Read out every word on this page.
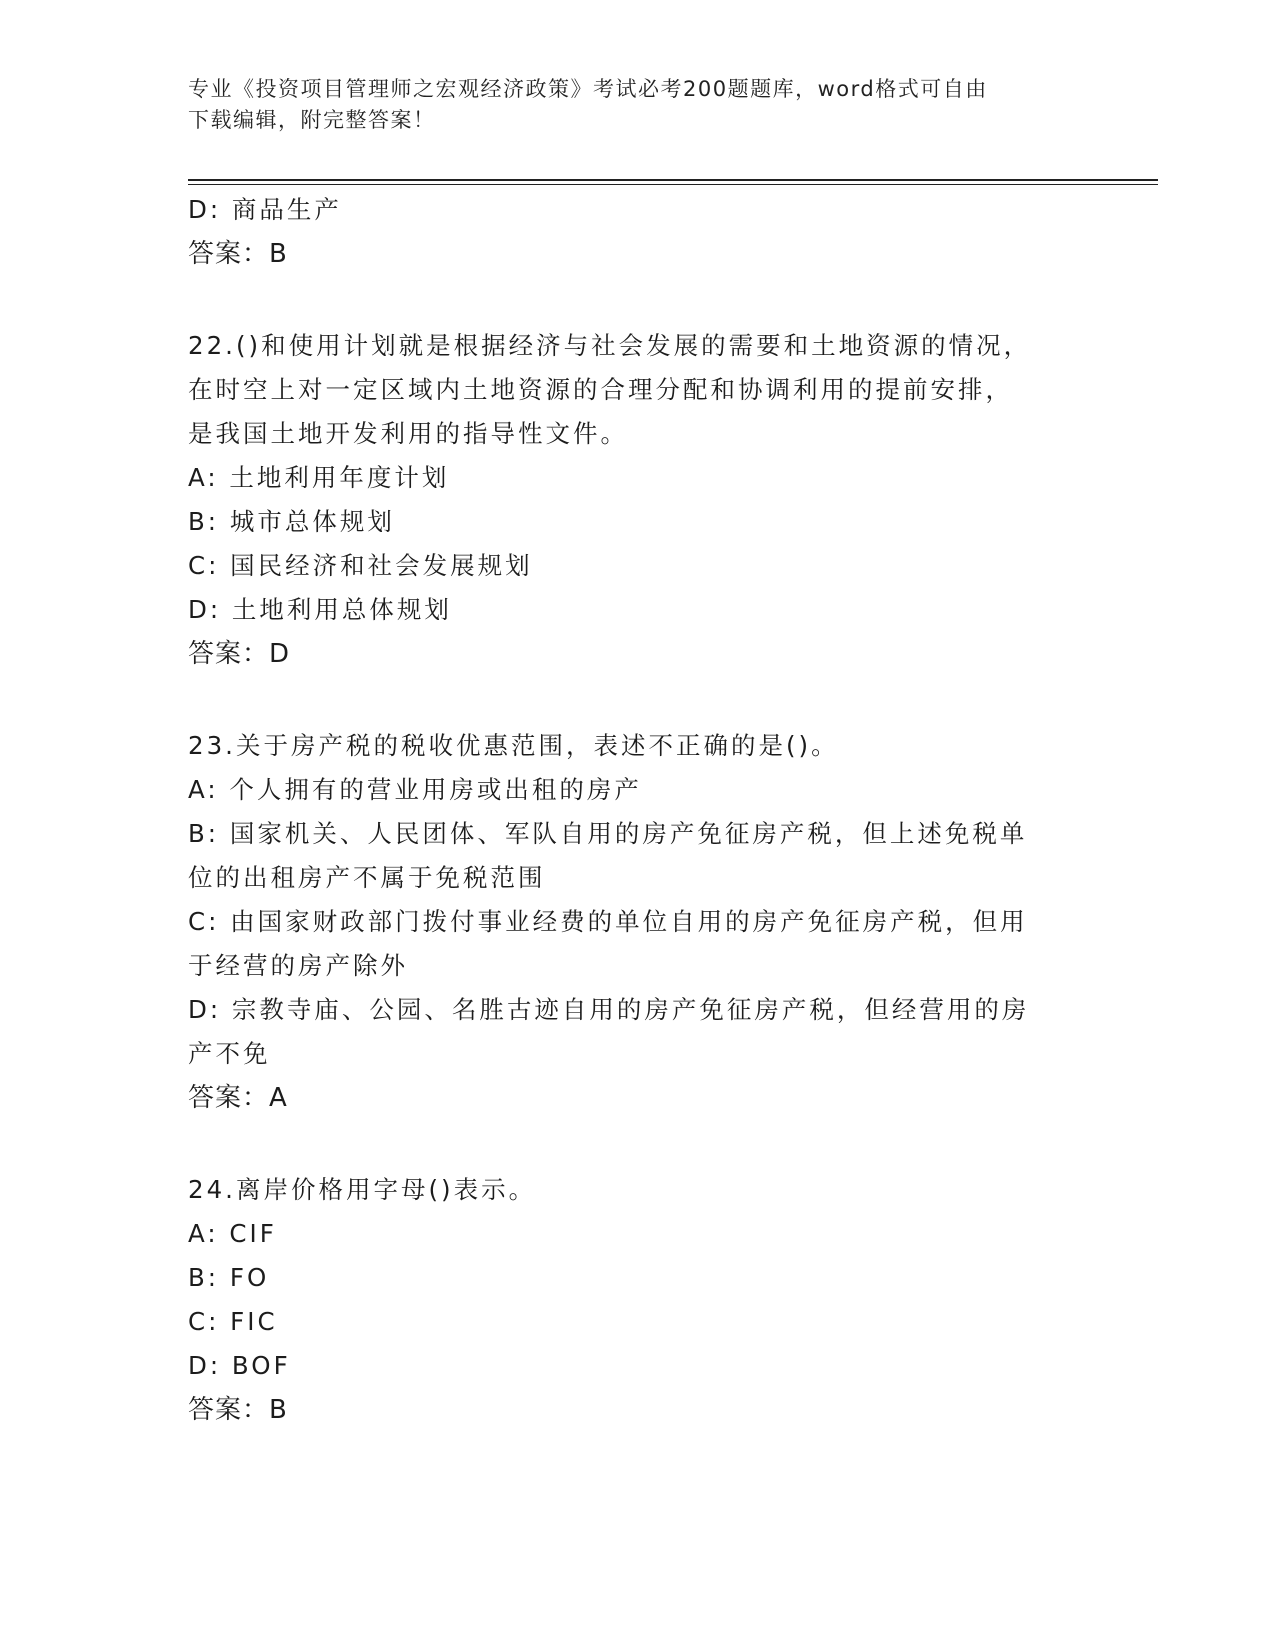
专业《投资项目管理师之宏观经济政策》考试必考200题题库，word格式可自由
下载编辑，附完整答案！
D: 商品生产
答案：B
22.()和使用计划就是根据经济与社会发展的需要和土地资源的情况，
在时空上对一定区域内土地资源的合理分配和协调利用的提前安排，
是我国土地开发利用的指导性文件。
A: 土地利用年度计划
B: 城市总体规划
C: 国民经济和社会发展规划
D: 土地利用总体规划
答案：D
23.关于房产税的税收优惠范围，表述不正确的是()。
A: 个人拥有的营业用房或出租的房产
B: 国家机关、人民团体、军队自用的房产免征房产税，但上述免税单
位的出租房产不属于免税范围
C: 由国家财政部门拨付事业经费的单位自用的房产免征房产税，但用
于经营的房产除外
D: 宗教寺庙、公园、名胜古迹自用的房产免征房产税，但经营用的房
产不免
答案：A
24.离岸价格用字母()表示。
A: CIF
B: FO
C: FIC
D: BOF
答案：B
